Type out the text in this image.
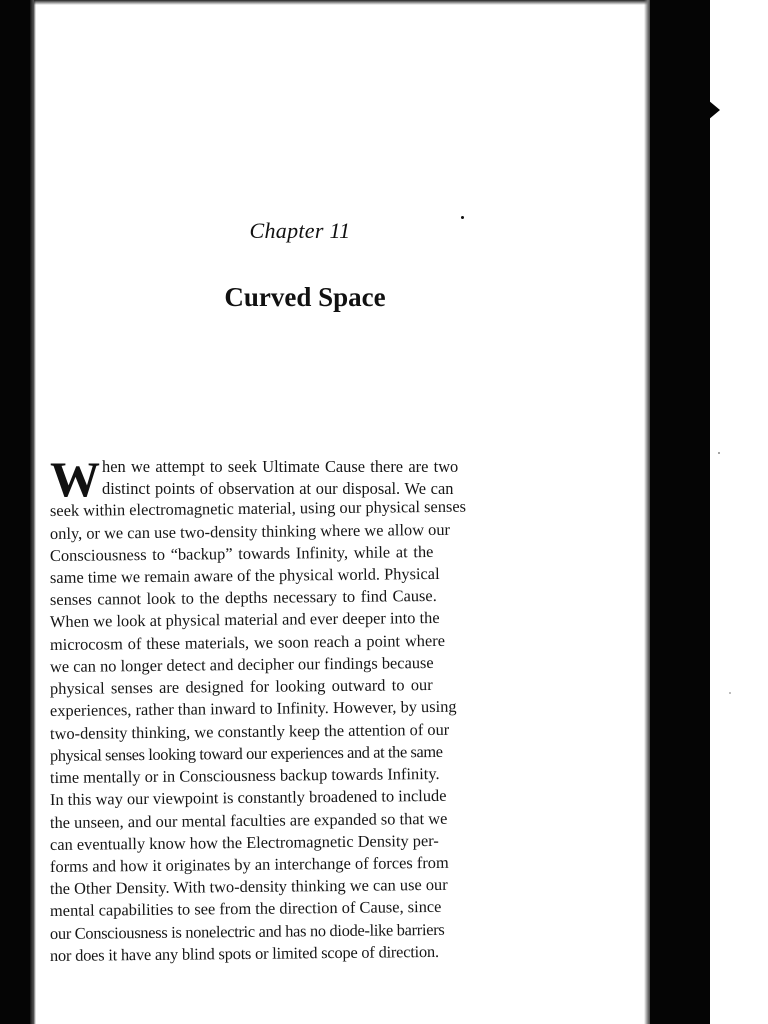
Chapter 11
Curved Space
W hen we attempt to seek Ultimate Cause there are two
distinct points of observation at our disposal. We can
seek within electromagnetic material, using our physical senses
only, or we can use two-density thinking where we allow our
Consciousness to “backup” towards Infinity, while at the
same time we remain aware of the physical world. Physical
senses cannot look to the depths necessary to find Cause.
When we look at physical material and ever deeper into the
microcosm of these materials, we soon reach a point where
we can no longer detect and decipher our findings because
physical senses are designed for looking outward to our
experiences, rather than inward to Infinity. However, by using
two-density thinking, we constantly keep the attention of our
physical senses looking toward our experiences and at the same
time mentally or in Consciousness backup towards Infinity.
In this way our viewpoint is constantly broadened to include
the unseen, and our mental faculties are expanded so that we
can eventually know how the Electromagnetic Density per-
forms and how it originates by an interchange of forces from
the Other Density. With two-density thinking we can use our
mental capabilities to see from the direction of Cause, since
our Consciousness is nonelectric and has no diode-like barriers
nor does it have any blind spots or limited scope of direction.
